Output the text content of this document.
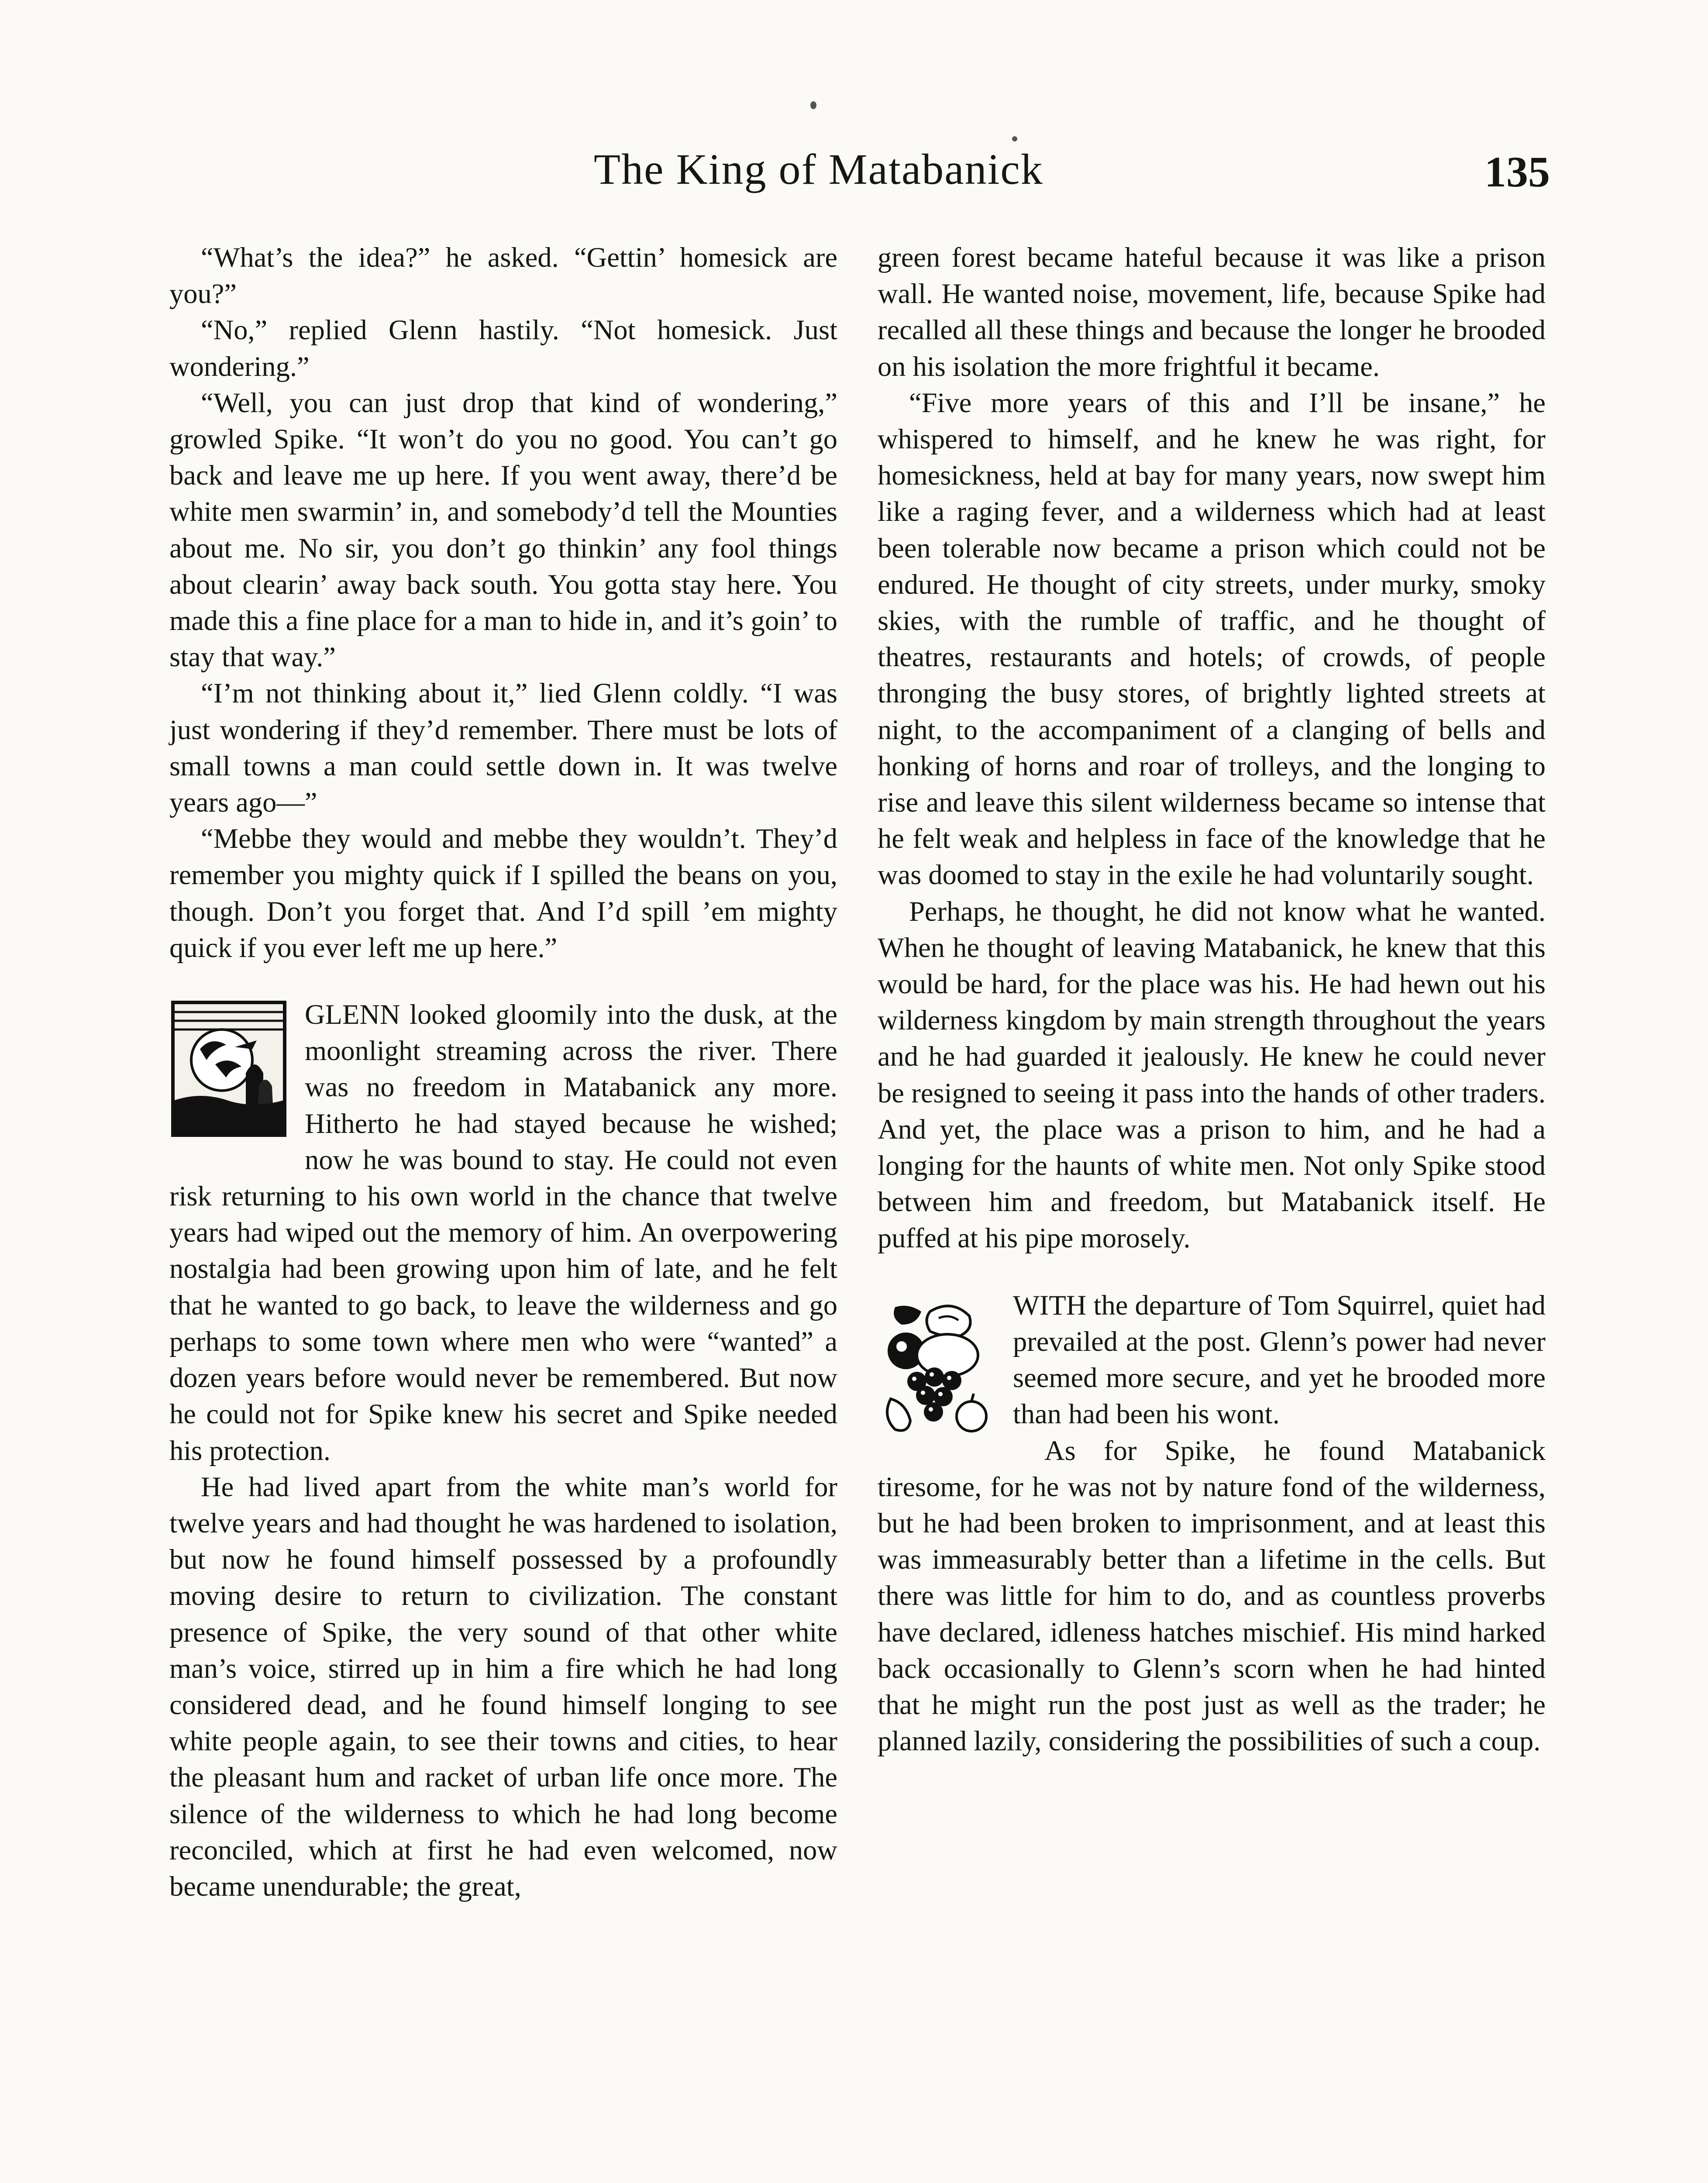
The King of Matabanick	135

“What’s the idea?” he asked. “Gettin’ homesick are you?”

“No,” replied Glenn hastily. “Not homesick. Just wondering.”

“Well, you can just drop that kind of wondering,” growled Spike. “It won’t do you no good. You can’t go back and leave me up here. If you went away, there’d be white men swarmin’ in, and somebody’d tell the Mounties about me. No sir, you don’t go thinkin’ any fool things about clearin’ away back south. You gotta stay here. You made this a fine place for a man to hide in, and it’s goin’ to stay that way.”

“I’m not thinking about it,” lied Glenn coldly. “I was just wondering if they’d remember. There must be lots of small towns a man could settle down in. It was twelve years ago—”

“Mebbe they would and mebbe they wouldn’t. They’d remember you mighty quick if I spilled the beans on you, though. Don’t you forget that. And I’d spill ’em mighty quick if you ever left me up here.”

GLENN looked gloomily into the dusk, at the moonlight streaming across the river. There was no freedom in Matabanick any more. Hitherto he had stayed because he wished; now he was bound to stay. He could not even risk returning to his own world in the chance that twelve years had wiped out the memory of him. An overpowering nostalgia had been growing upon him of late, and he felt that he wanted to go back, to leave the wilderness and go perhaps to some town where men who were “wanted” a dozen years before would never be remembered. But now he could not for Spike knew his secret and Spike needed his protection.

He had lived apart from the white man’s world for twelve years and had thought he was hardened to isolation, but now he found himself possessed by a profoundly moving desire to return to civilization. The constant presence of Spike, the very sound of that other white man’s voice, stirred up in him a fire which he had long considered dead, and he found himself longing to see white people again, to see their towns and cities, to hear the pleasant hum and racket of urban life once more. The silence of the wilderness to which he had long become reconciled, which at first he had even welcomed, now became unendurable; the great,

green forest became hateful because it was like a prison wall. He wanted noise, movement, life, because Spike had recalled all these things and because the longer he brooded on his isolation the more frightful it became.

“Five more years of this and I’ll be insane,” he whispered to himself, and he knew he was right, for homesickness, held at bay for many years, now swept him like a raging fever, and a wilderness which had at least been tolerable now became a prison which could not be endured. He thought of city streets, under murky, smoky skies, with the rumble of traffic, and he thought of theatres, restaurants and hotels; of crowds, of people thronging the busy stores, of brightly lighted streets at night, to the accompaniment of a clanging of bells and honking of horns and roar of trolleys, and the longing to rise and leave this silent wilderness became so intense that he felt weak and helpless in face of the knowledge that he was doomed to stay in the exile he had voluntarily sought.

Perhaps, he thought, he did not know what he wanted. When he thought of leaving Matabanick, he knew that this would be hard, for the place was his. He had hewn out his wilderness kingdom by main strength throughout the years and he had guarded it jealously. He knew he could never be resigned to seeing it pass into the hands of other traders. And yet, the place was a prison to him, and he had a longing for the haunts of white men. Not only Spike stood between him and freedom, but Matabanick itself. He puffed at his pipe morosely.

WITH the departure of Tom Squirrel, quiet had prevailed at the post. Glenn’s power had never seemed more secure, and yet he brooded more than had been his wont.

As for Spike, he found Matabanick tiresome, for he was not by nature fond of the wilderness, but he had been broken to imprisonment, and at least this was immeasurably better than a lifetime in the cells. But there was little for him to do, and as countless proverbs have declared, idleness hatches mischief. His mind harked back occasionally to Glenn’s scorn when he had hinted that he might run the post just as well as the trader; he planned lazily, considering the possibilities of such a coup.
